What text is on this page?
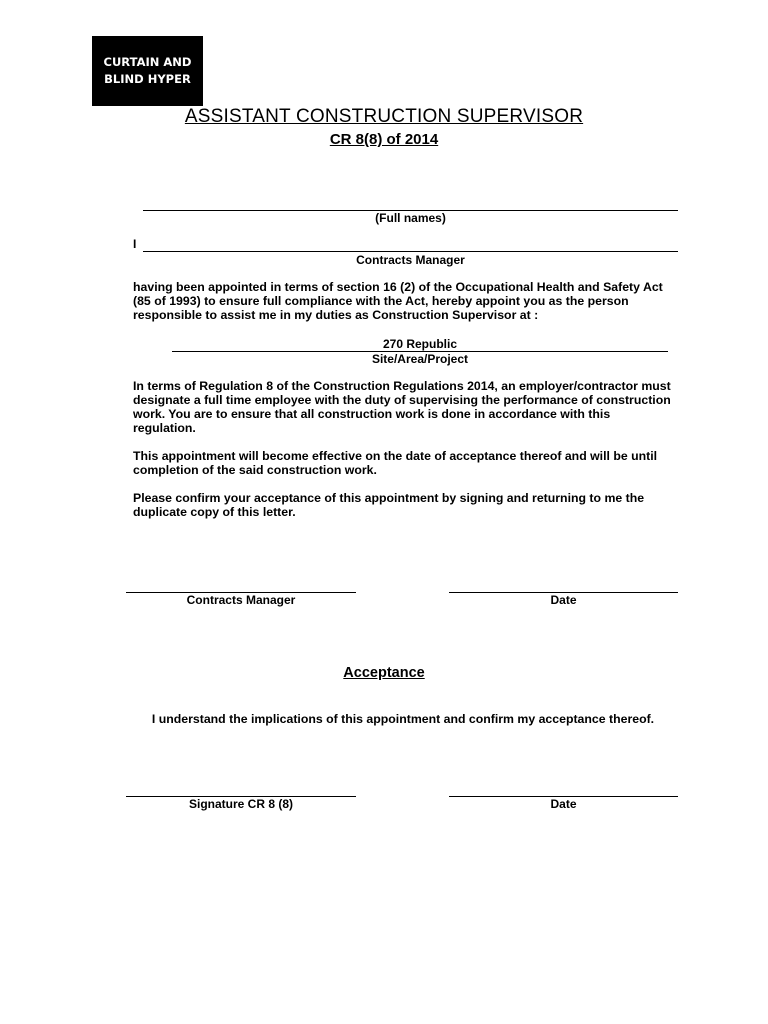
CURTAIN AND
BLIND HYPER
ASSISTANT CONSTRUCTION SUPERVISOR
CR 8(8) of 2014
(Full names)
I
Contracts Manager
having been appointed in terms of section 16 (2) of the Occupational Health and Safety Act (85 of 1993) to ensure full compliance with the Act, hereby appoint you as the person responsible to assist me in my duties as Construction Supervisor at :
270 Republic
Site/Area/Project
In terms of Regulation 8 of the Construction Regulations 2014, an employer/contractor must designate a full time employee with the duty of supervising the performance of construction work. You are to ensure that all construction work is done in accordance with this regulation.
This appointment will become effective on the date of acceptance thereof and will be until completion of the said construction work.
Please confirm your acceptance of this appointment by signing and returning to me the duplicate copy of this letter.
Contracts Manager	Date
Acceptance
I understand the implications of this appointment and confirm my acceptance thereof.
Signature CR 8 (8)	Date
